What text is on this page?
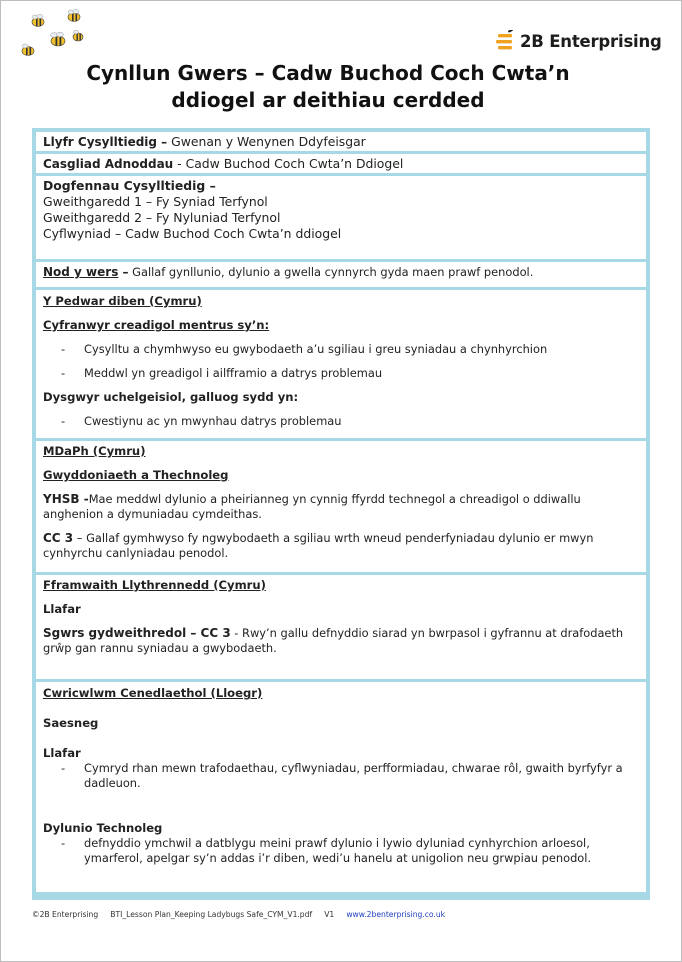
2B Enterprising
Cynllun Gwers – Cadw Buchod Coch Cwta’n
ddiogel ar deithiau cerdded

Llyfr Cysylltiedig – Gwenan y Wenynen Ddyfeisgar

Casgliad Adnoddau - Cadw Buchod Coch Cwta’n Ddiogel

Dogfennau Cysylltiedig –

Gweithgaredd 1 – Fy Syniad Terfynol

Gweithgaredd 2 – Fy Nyluniad Terfynol

Cyflwyniad – Cadw Buchod Coch Cwta’n ddiogel

Nod y wers – Gallaf gynllunio, dylunio a gwella cynnyrch gyda maen prawf penodol.

Y Pedwar diben (Cymru)

Cyfranwyr creadigol mentrus sy’n:

-	Cysylltu a chymhwyso eu gwybodaeth a’u sgiliau i greu syniadau a chynhyrchion
-	Meddwl yn greadigol i ailfframio a datrys problemau

Dysgwyr uchelgeisiol, galluog sydd yn:

-	Cwestiynu ac yn mwynhau datrys problemau

MDaPh (Cymru)

Gwyddoniaeth a Thechnoleg

YHSB -Mae meddwl dylunio a pheirianneg yn cynnig ffyrdd technegol a chreadigol o ddiwallu anghenion a dymuniadau cymdeithas.

CC 3 – Gallaf gymhwyso fy ngwybodaeth a sgiliau wrth wneud penderfyniadau dylunio er mwyn cynhyrchu canlyniadau penodol.

Fframwaith Llythrennedd (Cymru)

Llafar

Sgwrs gydweithredol – CC 3 - Rwy’n gallu defnyddio siarad yn bwrpasol i gyfrannu at drafodaeth grŵp gan rannu syniadau a gwybodaeth.

Cwricwlwm Cenedlaethol (Lloegr)

Saesneg

Llafar

-	Cymryd rhan mewn trafodaethau, cyflwyniadau, perfformiadau, chwarae rôl, gwaith byrfyfyr a dadleuon.

Dylunio Technoleg

-	defnyddio ymchwil a datblygu meini prawf dylunio i lywio dyluniad cynhyrchion arloesol, ymarferol, apelgar sy’n addas i’r diben, wedi’u hanelu at unigolion neu grwpiau penodol.
©2B Enterprising BTI_Lesson Plan_Keeping Ladybugs Safe_CYM_V1.pdf V1 www.2benterprising.co.uk
